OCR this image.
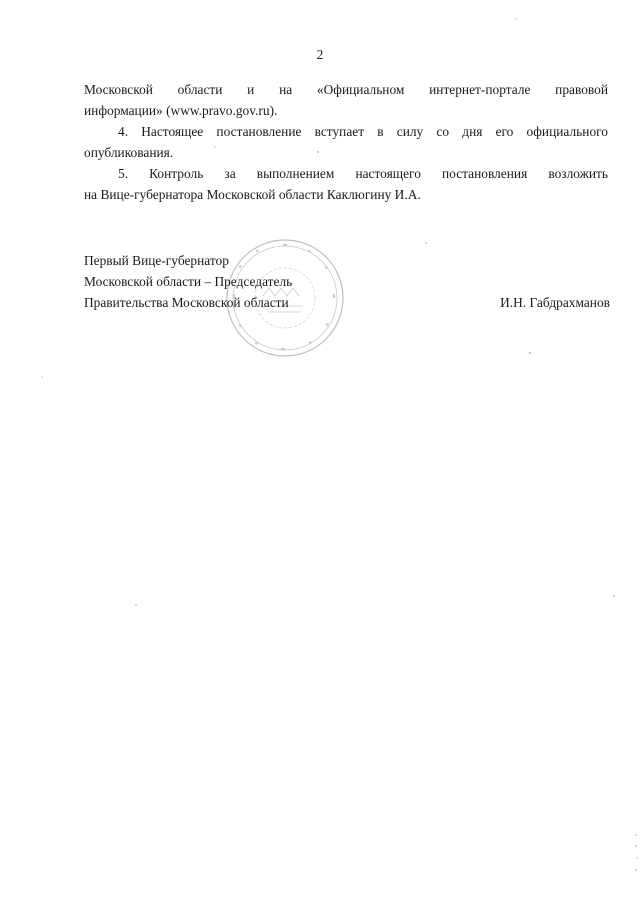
2
Московской области и на «Официальном интернет-портале правовой
информации» (www.pravo.gov.ru).
4. Настоящее постановление вступает в силу со дня его официального
опубликования.
5. Контроль за выполнением настоящего постановления возложить
на Вице-губернатора Московской области Каклюгину И.А.
Первый Вице-губернатор
Московской области – Председатель
Правительства Московской области	И.Н. Габдрахманов
